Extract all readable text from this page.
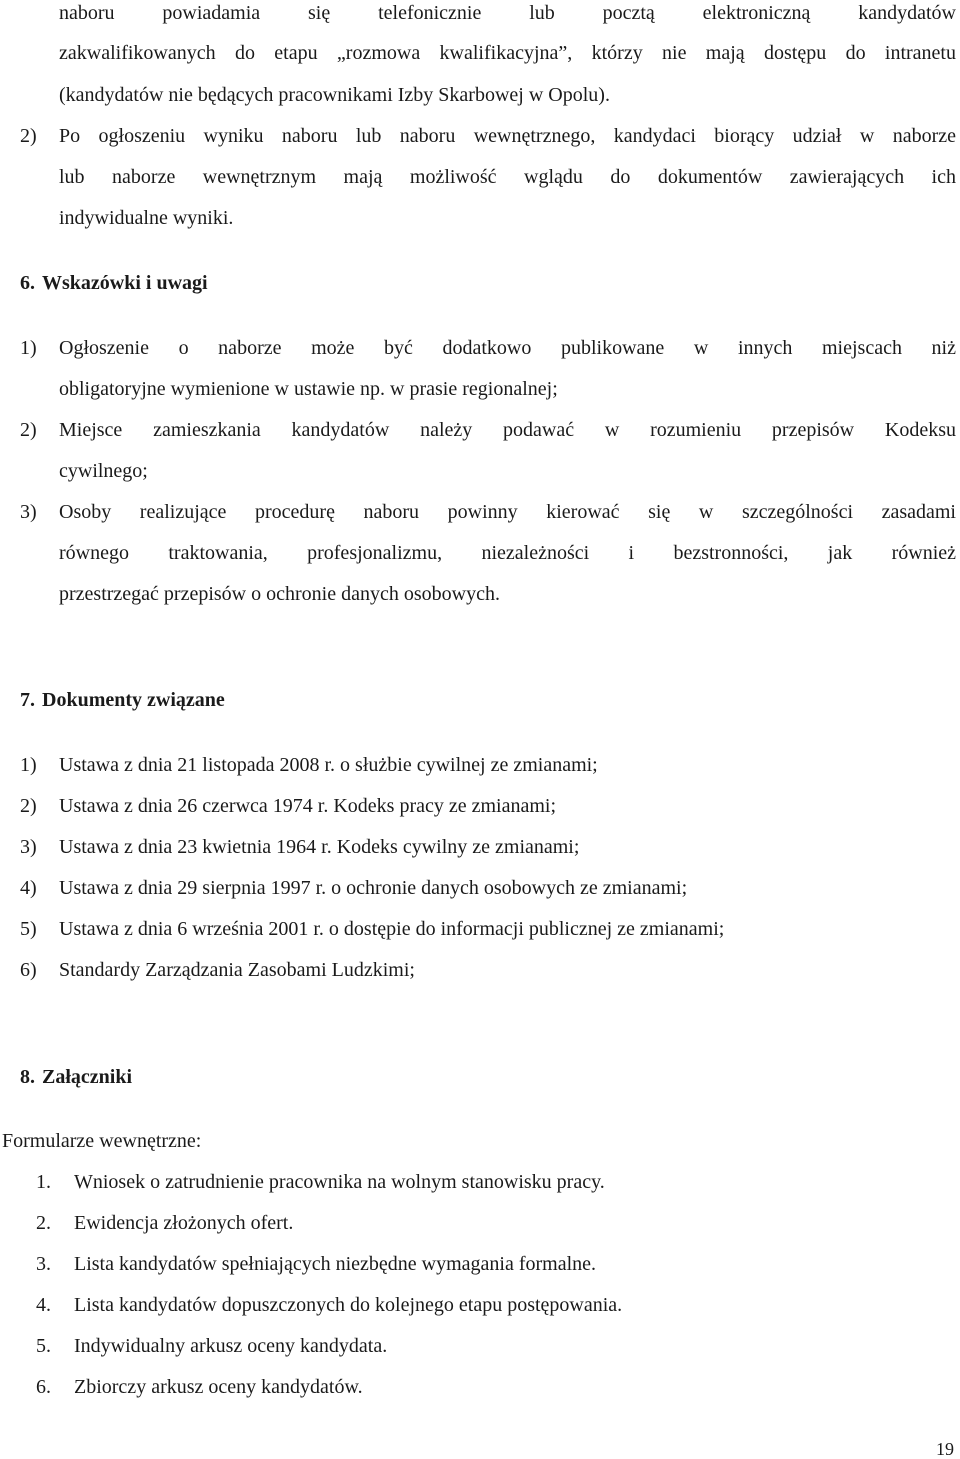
naboru powiadamia się telefonicznie lub pocztą elektroniczną kandydatów
zakwalifikowanych do etapu „rozmowa kwalifikacyjna”, którzy nie mają dostępu do intranetu
(kandydatów nie będących pracownikami Izby Skarbowej w Opolu).
2) Po ogłoszeniu wyniku naboru lub naboru wewnętrznego, kandydaci biorący udział w naborze
lub naborze wewnętrznym mają możliwość wglądu do dokumentów zawierających ich
indywidualne wyniki.
6. Wskazówki i uwagi
1) Ogłoszenie o naborze może być dodatkowo publikowane w innych miejscach niż
obligatoryjne wymienione w ustawie np. w prasie regionalnej;
2) Miejsce zamieszkania kandydatów należy podawać w rozumieniu przepisów Kodeksu
cywilnego;
3) Osoby realizujące procedurę naboru powinny kierować się w szczególności zasadami
równego traktowania, profesjonalizmu, niezależności i bezstronności, jak również
przestrzegać przepisów o ochronie danych osobowych.
7. Dokumenty związane
1) Ustawa z dnia 21 listopada 2008 r. o służbie cywilnej ze zmianami;
2) Ustawa z dnia 26 czerwca 1974 r. Kodeks pracy ze zmianami;
3) Ustawa z dnia 23 kwietnia 1964 r. Kodeks cywilny ze zmianami;
4) Ustawa z dnia 29 sierpnia 1997 r. o ochronie danych osobowych ze zmianami;
5) Ustawa z dnia 6 września 2001 r. o dostępie do informacji publicznej ze zmianami;
6) Standardy Zarządzania Zasobami Ludzkimi;
8. Załączniki
Formularze wewnętrzne:
1. Wniosek o zatrudnienie pracownika na wolnym stanowisku pracy.
2. Ewidencja złożonych ofert.
3. Lista kandydatów spełniających niezbędne wymagania formalne.
4. Lista kandydatów dopuszczonych do kolejnego etapu postępowania.
5. Indywidualny arkusz oceny kandydata.
6. Zbiorczy arkusz oceny kandydatów.
19
